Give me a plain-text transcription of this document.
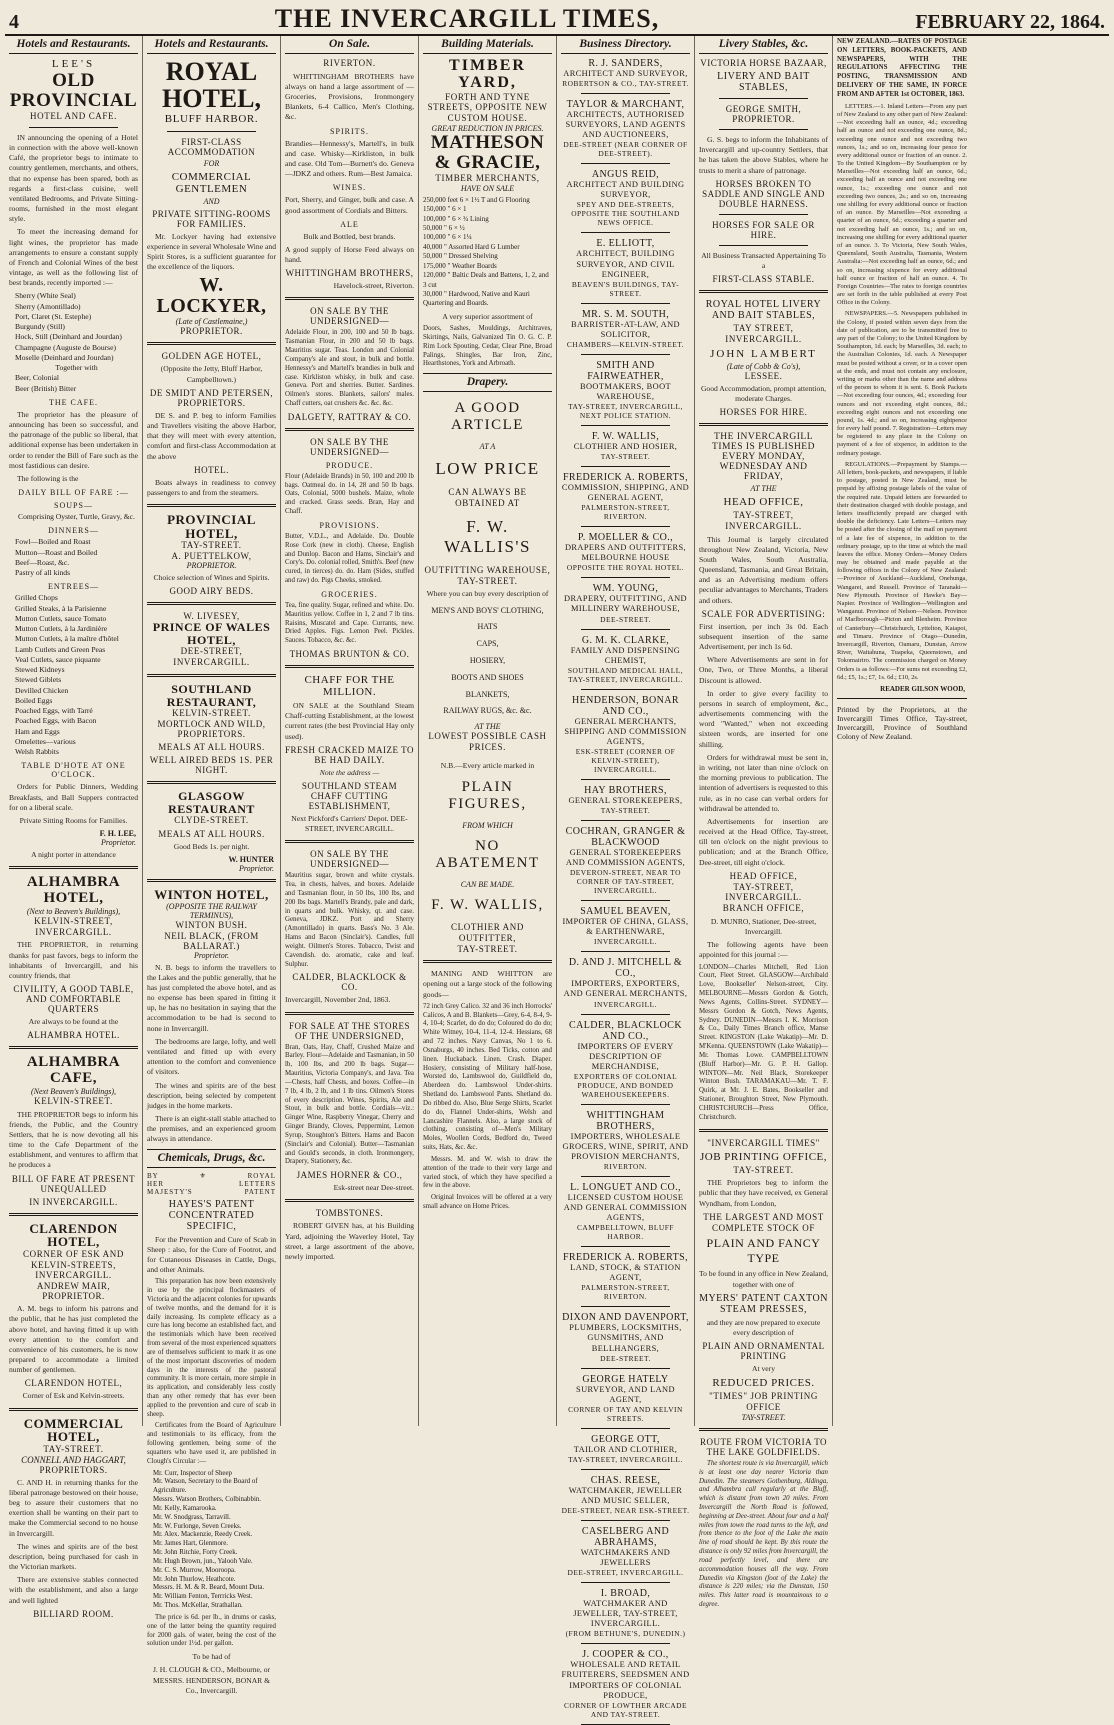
4	THE INVERCARGILL TIMES,	FEBRUARY 22, 1864.
Hotels and Restaurants.
LEE'S
OLD PROVINCIAL
HOTEL AND CAFE.
IN announcing the opening of a Hotel in connection with the above well-known Café, the proprietor begs to intimate to country gentlemen, merchants, and others, that no expense has been spared, both as regards a first-class cuisine, well ventilated Bedrooms, and Private Sitting-rooms, furnished in the most elegant style.
To meet the increasing demand for light wines, the proprietor has made arrangements to ensure a constant supply of French and Colonial Wines of the best vintage, as well as the following list of best brands, recently imported :—
Sherry (White Seal)
Sherry (Amontillado)
Port, Claret (St. Estephe)
Burgundy (Still)
Hock, Still (Deinhard and Jourdan)
Champagne (Auguste de Bourse)
Moselle (Deinhard and Jourdan)
Together with
Beer, Colonial
Beer (British) Bitter
THE CAFE.
The proprietor has the pleasure of announcing has been so successful, and the patronage of the public so liberal, that additional expense has been undertaken in order to render the Bill of Fare such as the most fastidious can desire.
The following is the
DAILY BILL OF FARE :—
SOUPS—
Comprising Oyster, Turtle, Gravy, &c.
DINNERS—
Fowl—Boiled and Roast
Mutton—Roast and Boiled
Beef—Roast, &c.
Pastry of all kinds
ENTREES—
Grilled Chops
Grilled Steaks, à la Parisienne
Mutton Cutlets, sauce Tomato
Mutton Cutlets, à la Jardinière
Mutton Cutlets, à la maître d'hôtel
Lamb Cutlets and Green Peas
Veal Cutlets, sauce piquante
Stewed Kidneys
Stewed Giblets
Devilled Chicken
Boiled Eggs
Poached Eggs, with Tarré
Poached Eggs, with Bacon
Ham and Eggs
Omelettes—various
Welsh Rabbits
TABLE D'HOTE AT ONE O'CLOCK.
Orders for Public Dinners, Wedding Breakfasts, and Ball Suppers contracted for on a liberal scale.
Private Sitting Rooms for Families.
F. H. LEE,
Proprietor.
A night porter in attendance
ALHAMBRA HOTEL,
(Next to Beaven's Buildings),
KELVIN-STREET, INVERCARGILL.
THE PROPRIETOR, in returning thanks for past favors, begs to inform the inhabitants of Invercargill, and his country friends, that
CIVILITY, A GOOD TABLE, AND COMFORTABLE QUARTERS
Are always to be found at the
ALHAMBRA HOTEL.
ALHAMBRA CAFE,
(Next Beaven's Buildings),
KELVIN-STREET.
THE PROPRIETOR begs to inform his friends, the Public, and the Country Settlers, that he is now devoting all his time to the Cafe Department of the establishment, and ventures to affirm that he produces a
BILL OF FARE AT PRESENT UNEQUALLED
IN INVERCARGILL.
CLARENDON HOTEL,
CORNER OF ESK AND KELVIN-STREETS, INVERCARGILL.
ANDREW MAIR, PROPRIETOR.
A. M. begs to inform his patrons and the public, that he has just completed the above hotel, and having fitted it up with every attention to the comfort and convenience of his customers, he is now prepared to accommodate a limited number of gentlemen.
CLARENDON HOTEL,
Corner of Esk and Kelvin-streets.
COMMERCIAL HOTEL,
TAY-STREET.
CONNELL AND HAGGART,
PROPRIETORS.
C. AND H. in returning thanks for the liberal patronage bestowed on their house, beg to assure their customers that no exertion shall be wanting on their part to make the Commercial second to no house in Invercargill.
The wines and spirits are of the best description, being purchased for cash in the Victorian markets.
There are extensive stables connected with the establishment, and also a large and well lighted
BILLIARD ROOM.
Hotels and Restaurants.
ROYAL HOTEL,
BLUFF HARBOR.
FIRST-CLASS ACCOMMODATION
FOR
COMMERCIAL GENTLEMEN
AND
PRIVATE SITTING-ROOMS FOR FAMILIES.
Mr. Lockyer having had extensive experience in several Wholesale Wine and Spirit Stores, is a sufficient guarantee for the excellence of the liquors.
W. LOCKYER,
(Late of Castlemaine,)
PROPRIETOR.
GOLDEN AGE HOTEL,
(Opposite the Jetty, Bluff Harbor, Campbelltown.)
DE SMIDT AND PETERSEN, PROPRIETORS.
DE S. and P. beg to inform Families and Travellers visiting the above Harbor, that they will meet with every attention, comfort and first-class Accommodation at the above
HOTEL.
Boats always in readiness to convey passengers to and from the steamers.
PROVINCIAL HOTEL,
TAY-STREET.
A. PUETTELKOW,
PROPRIETOR.
Choice selection of Wines and Spirits.
GOOD AIRY BEDS.
W. LIVESEY,
PRINCE OF WALES HOTEL,
DEE-STREET,
INVERCARGILL.
SOUTHLAND RESTAURANT,
KELVIN-STREET.
MORTLOCK AND WILD, PROPRIETORS.
MEALS AT ALL HOURS.
WELL AIRED BEDS 1S. PER NIGHT.
GLASGOW RESTAURANT
CLYDE-STREET.
MEALS AT ALL HOURS.
Good Beds 1s. per night.
W. HUNTER
Proprietor.
WINTON HOTEL,
(OPPOSITE THE RAILWAY TERMINUS),
WINTON BUSH.
NEIL BLACK, (FROM BALLARAT.)
Proprietor.
N. B. begs to inform the travellers to the Lakes and the public generally, that he has just completed the above hotel, and as no expense has been spared in fitting it up, he has no hesitation in saying that the accommodation to be had is second to none in Invercargill.
The bedrooms are large, lofty, and well ventilated and fitted up with every attention to the comfort and convenience of visitors.
The wines and spirits are of the best description, being selected by competent judges in the home markets.
There is an eight-stall stable attached to the premises, and an experienced groom always in attendance.
Chemicals, Drugs, &c.
BY	⚜	ROYAL
HER	LETTERS
MAJESTY'S	PATENT
HAYES'S PATENT CONCENTRATED SPECIFIC,
For the Prevention and Cure of Scab in Sheep : also, for the Cure of Footrot, and for Cutaneous Diseases in Cattle, Dogs, and other Animals.
This preparation has now been extensively in use by the principal flockmasters of Victoria and the adjacent colonies for upwards of twelve months, and the demand for it is daily increasing. Its complete efficacy as a cure has long become an established fact, and the testimonials which have been received from several of the most experienced squatters are of themselves sufficient to mark it as one of the most important discoveries of modern days in the interests of the pastoral community. It is more certain, more simple in its application, and considerably less costly than any other remedy that has ever been applied to the prevention and cure of scab in sheep.
Certificates from the Board of Agriculture and testimonials to its efficacy, from the following gentlemen, being some of the squatters who have used it, are published in Clough's Circular :—
Mr. Curr, Inspector of Sheep
Mr. Watson, Secretary to the Board of Agriculture.
Messrs. Watson Brothers, Colbinabbin.
Mr. Kelly, Kamarooka.
Mr. W. Snodgrass, Tarravill.
Mr. W. Furlonge, Seven Creeks.
Mr. Alex. Mackenzie, Reedy Creek.
Mr. James Hart, Glenmore.
Mr. John Ritchie, Forty Creek.
Mr. Hugh Brown, jun., Yalooh Vale.
Mr. C. S. Murrow, Mooroopa.
Mr. John Thurlow, Heathcote.
Messrs. H. M. & R. Beard, Mount Duta.
Mr. William Fenton, Terrricks West.
Mr. Thos. McKellar, Strathallan.
The price is 6d. per lb., in drums or casks, one of the latter being the quantity required for 2000 gals. of water, being the cost of the solution under 1½d. per gallon.
To be had of
J. H. CLOUGH & CO., Melbourne, or MESSRS. HENDERSON, BONAR & Co., Invercargill.
On Sale.
RIVERTON.
WHITTINGHAM BROTHERS have always on hand a large assortment of — Groceries, Provisions, Ironmongery Blankets, 6-4 Callico, Men's Clothing, &c.
SPIRITS.
Brandies—Hennessy's, Martell's, in bulk and case. Whisky—Kirkliston, in bulk and case. Old Tom—Burnett's do. Geneva—JDKZ and others. Rum—Best Jamaica.
WINES.
Port, Sherry, and Ginger, bulk and case. A good assortment of Cordials and Bitters.
ALE
Bulk and Bottled, best brands.
A good supply of Horse Feed always on hand.
WHITTINGHAM BROTHERS,
Havelock-street, Riverton.
ON SALE BY THE UNDERSIGNED—
Adelaide Flour, in 200, 100 and 50 lb bags. Tasmanian Flour, in 200 and 50 lb bags. Mauritius sugar. Teas. London and Colonial Company's ale and stout, in bulk and bottle. Hennessy's and Martell's brandies in bulk and case. Kirkliston whisky, in bulk and case. Geneva. Port and sherries. Butter. Sardines. Oilmen's stores. Blankets, sailors' males. Chaff cutters, oat crushers &c. &c. &c.
DALGETY, RATTRAY & CO.
ON SALE BY THE UNDERSIGNED—
PRODUCE.
Flour (Adelaide Brands) in 50, 100 and 200 lb bags. Oatmeal do. in 14, 28 and 50 lb bags. Oats, Colonial, 5000 bushels. Maize, whole and cracked. Grass seeds. Bran, Hay and Chaff.
PROVISIONS.
Butter, V.D.L., and Adelaide. Do. Double Rose Cork (new in cloth). Cheese, English and Dunlop. Bacon and Hams, Sinclair's and Cory's. Do. colonial rolled, Smith's. Beef (new cured, in tierces) do. do. Ham (Sides, stuffed and raw) do. Pigs Cheeks, smoked.
GROCERIES.
Tea, fine quality. Sugar, refined and white. Do. Mauritius yellow. Coffee in 1, 2 and 7 lb tins. Raisins, Muscatel and Cape. Currants, new. Dried Apples. Figs. Lemon Peel. Pickles. Sauces. Tobacco, &c. &c.
THOMAS BRUNTON & CO.
CHAFF FOR THE MILLION.
ON SALE at the Southland Steam Chaff-cutting Establishment, at the lowest current rates (the best Provincial Hay only used).
FRESH CRACKED MAIZE TO BE HAD DAILY.
Note the address —
SOUTHLAND STEAM CHAFF CUTTING ESTABLISHMENT,
Next Pickford's Carriers' Depot. DEE-STREET, INVERCARGILL.
ON SALE BY THE UNDERSIGNED—
Mauritius sugar, brown and white crystals. Tea, in chests, halves, and boxes. Adelaide and Tasmanian flour, in 50 lbs, 100 lbs, and 200 lbs bags. Martell's Brandy, pale and dark, in quarts and bulk. Whisky, qt. and case. Geneva, JDKZ. Port and Sherry (Amontillado) in quarts. Bass's No. 3 Ale. Hams and Bacon (Sinclair's). Candles, full weight. Oilmen's Stores. Tobacco, Twist and Cavendish. do. aromatic, cake and leaf. Sulphur.
CALDER, BLACKLOCK & CO.
Invercargill, November 2nd, 1863.
FOR SALE AT THE STORES OF THE UNDERSIGNED,
Bran, Oats, Hay, Chaff, Crushed Maize and Barley. Flour—Adelaide and Tasmanian, in 50 lb, 100 lbs, and 200 lb bags. Sugar—Mauritius, Victoria Company's, and Java. Tea—Chests, half Chests, and boxes. Coffee—in 7 lb, 4 lb, 2 lb, and 1 lb tins. Oilmen's Stores of every description. Wines, Spirits, Ale and Stout, in bulk and bottle. Cordials—viz.: Ginger Wine, Raspberry Vinegar, Cherry and Ginger Brandy, Cloves, Peppermint, Lemon Syrup, Stoughton's Bitters. Hams and Bacon (Sinclair's and Colonial). Butter—Tasmanian and Gould's seconds, in cloth. Ironmongery, Drapery, Stationery, &c.
JAMES HORNER & CO.,
Esk-street near Dee-street.
TOMBSTONES.
ROBERT GIVEN has, at his Building Yard, adjoining the Waverley Hotel, Tay street, a large assortment of the above, newly imported.
Building Materials.
TIMBER YARD,
FORTH AND TYNE STREETS, OPPOSITE NEW CUSTOM HOUSE.
GREAT REDUCTION IN PRICES.
MATHESON & GRACIE,
TIMBER MERCHANTS,
HAVE ON SALE
250,000 feet 6 × 1½ T and G Flooring
150,000 " 6 × 1
100,000 " 6 × ¾ Lining
50,000 " 6 × ½
100,000 " 6 × 1¼
40,000 " Assorted Hard G Lumber
50,000 " Dressed Shelving
175,000 " Weather Boards
120,000 " Baltic Deals and Battens, 1, 2, and 3 cut
30,000 " Hardwood, Native and Kauri Quartering and Boards.
A very superior assortment of
Doors, Sashes, Mouldings, Architraves, Skirtings, Nails, Galvanized Tin O. G. C. P. Rim Lock Spouting, Cedar, Clear Pine, Broad Palings, Shingles, Bar Iron, Zinc, Hearthstones, York and Arbroath.
Drapery.
A GOOD ARTICLE
AT A
LOW PRICE
CAN ALWAYS BE OBTAINED AT
F. W. WALLIS'S
OUTFITTING WAREHOUSE,
TAY-STREET.
Where you can buy every description of
MEN'S AND BOYS' CLOTHING,
HATS
CAPS,
HOSIERY,
BOOTS AND SHOES
BLANKETS,
RAILWAY RUGS, &c. &c.
AT THE
LOWEST POSSIBLE CASH PRICES.
N.B.—Every article marked in
PLAIN FIGURES,
FROM WHICH
NO ABATEMENT
CAN BE MADE.
F. W. WALLIS,
CLOTHIER AND OUTFITTER,
TAY-STREET.
MANING AND WHITTON are opening out a large stock of the following goods—
72 inch Grey Calico. 32 and 36 inch Horrocks' Calicos, A and B. Blankets—Grey, 6-4, 8-4, 9-4, 10-4; Scarlet, do do do; Coloured do do do; White Witney, 10-4, 11-4, 12-4. Hessians, 68 and 72 inches. Navy Canvas, No 1 to 6. Osnaburgs, 40 inches. Bed Ticks, cotton and linen. Huckaback. Linen. Crash. Diaper. Hosiery, consisting of Military half-hose, Worsted do, Lambswool do, Guildfield do, Aberdeen do. Lambswool Under-shirts. Shetland do. Lambswool Pants. Shetland do. Do ribbed do. Also, Blue Serge Shirts, Scarlet do do, Flannel Under-shirts, Welsh and Lancashire Flannels. Also, a large stock of clothing, consisting of—Men's Military Moles, Woollen Cords, Bedford do, Tweed suits, Hats, &c. &c.
Messrs. M. and W. wish to draw the attention of the trade to their very large and varied stock, of which they have specified a few in the above.
Original Invoices will be offered at a very small advance on Home Prices.
Business Directory.
R. J. SANDERS,
ARCHITECT AND SURVEYOR,
ROBERTSON & CO., TAY-STREET.
TAYLOR & MARCHANT,
ARCHITECTS, AUTHORISED SURVEYORS, LAND AGENTS AND AUCTIONEERS,
DEE-STREET (NEAR CORNER OF DEE-STREET).
ANGUS REID,
ARCHITECT AND BUILDING SURVEYOR,
SPEY AND DEE-STREETS, OPPOSITE THE SOUTHLAND NEWS OFFICE.
E. ELLIOTT,
ARCHITECT, BUILDING SURVEYOR, AND CIVIL ENGINEER,
BEAVEN'S BUILDINGS, TAY-STREET.
MR. S. M. SOUTH,
BARRISTER-AT-LAW, AND SOLICITOR,
CHAMBERS—KELVIN-STREET.
SMITH AND FAIRWEATHER,
BOOTMAKERS, BOOT WAREHOUSE,
TAY-STREET, INVERCARGILL, NEXT POLICE STATION.
F. W. WALLIS,
CLOTHIER AND HOSIER,
TAY-STREET.
FREDERICK A. ROBERTS,
COMMISSION, SHIPPING, AND GENERAL AGENT,
PALMERSTON-STREET, RIVERTON.
P. MOELLER & CO.,
DRAPERS AND OUTFITTERS, MELBOURNE HOUSE
OPPOSITE THE ROYAL HOTEL.
WM. YOUNG,
DRAPERY, OUTFITTING, AND MILLINERY WAREHOUSE,
DEE-STREET.
G. M. K. CLARKE,
FAMILY AND DISPENSING CHEMIST,
SOUTHLAND MEDICAL HALL, TAY-STREET, INVERCARGILL.
HENDERSON, BONAR AND CO.,
GENERAL MERCHANTS, SHIPPING AND COMMISSION AGENTS,
ESK-STREET (CORNER OF KELVIN-STREET), INVERCARGILL.
HAY BROTHERS,
GENERAL STOREKEEPERS,
TAY-STREET.
COCHRAN, GRANGER & BLACKWOOD
GENERAL STOREKEEPERS AND COMMISSION AGENTS,
DEVERON-STREET, NEAR TO CORNER OF TAY-STREET, INVERCARGILL.
SAMUEL BEAVEN,
IMPORTER OF CHINA, GLASS, & EARTHENWARE,
INVERCARGILL.
D. AND J. MITCHELL & CO.,
IMPORTERS, EXPORTERS, AND GENERAL MERCHANTS,
INVERCARGILL.
CALDER, BLACKLOCK AND CO.,
IMPORTERS OF EVERY DESCRIPTION OF MERCHANDISE,
EXPORTERS OF COLONIAL PRODUCE, AND BONDED WAREHOUSEKEEPERS.
WHITTINGHAM BROTHERS,
IMPORTERS, WHOLESALE GROCERS, WINE, SPIRIT, AND PROVISION MERCHANTS,
RIVERTON.
L. LONGUET AND CO.,
LICENSED CUSTOM HOUSE AND GENERAL COMMISSION AGENTS,
CAMPBELLTOWN, BLUFF HARBOR.
FREDERICK A. ROBERTS,
LAND, STOCK, & STATION AGENT,
PALMERSTON-STREET, RIVERTON.
DIXON AND DAVENPORT,
PLUMBERS, LOCKSMITHS, GUNSMITHS, AND BELLHANGERS,
DEE-STREET.
GEORGE HATELY
SURVEYOR, AND LAND AGENT,
CORNER OF TAY AND KELVIN STREETS.
GEORGE OTT,
TAILOR AND CLOTHIER,
TAY-STREET, INVERCARGILL.
CHAS. REESE,
WATCHMAKER, JEWELLER AND MUSIC SELLER,
DEE-STREET, NEAR ESK-STREET.
CASELBERG AND ABRAHAMS,
WATCHMAKERS AND JEWELLERS
DEE-STREET, INVERCARGILL.
I. BROAD,
WATCHMAKER AND JEWELLER, TAY-STREET, INVERCARGILL.
(FROM BETHUNE'S, DUNEDIN.)
J. COOPER & CO.,
WHOLESALE AND RETAIL FRUITERERS, SEEDSMEN AND IMPORTERS OF COLONIAL PRODUCE,
CORNER OF LOWTHER ARCADE AND TAY-STREET.
Livery Stables, &c.
VICTORIA HORSE BAZAAR,
LIVERY AND BAIT STABLES,
GEORGE SMITH, PROPRIETOR.
G. S. begs to inform the Inhabitants of Invercargill and up-country Settlers, that he has taken the above Stables, where he trusts to merit a share of patronage.
HORSES BROKEN TO SADDLE AND SINGLE AND DOUBLE HARNESS.
HORSES FOR SALE OR HIRE.
All Business Transacted Appertaining To a
FIRST-CLASS STABLE.
ROYAL HOTEL LIVERY AND BAIT STABLES,
TAY STREET, INVERCARGILL.
JOHN LAMBERT
(Late of Cobb & Co's),
LESSEE.
Good Accommodation, prompt attention, moderate Charges.
HORSES FOR HIRE.
THE INVERCARGILL TIMES IS PUBLISHED EVERY MONDAY, WEDNESDAY AND FRIDAY,
AT THE
HEAD OFFICE,
TAY-STREET, INVERCARGILL.
This Journal is largely circulated throughout New Zealand, Victoria, New South Wales, South Australia, Queensland, Tasmania, and Great Britain, and as an Advertising medium offers peculiar advantages to Merchants, Traders and others.
SCALE FOR ADVERTISING:
First insertion, per inch 3s 0d. Each subsequent insertion of the same Advertisement, per inch 1s 6d.
Where Advertisements are sent in for One, Two, or Three Months, a liberal Discount is allowed.
In order to give every facility to persons in search of employment, &c., advertisements commencing with the word "Wanted," when not exceeding sixteen words, are inserted for one shilling.
Orders for withdrawal must be sent in, in writing, not later than nine o'clock on the morning previous to publication. The intention of advertisers is requested to this rule, as in no case can verbal orders for withdrawal be attended to.
Advertisements for insertion are received at the Head Office, Tay-street, till ten o'clock on the night previous to publication; and at the Branch Office, Dee-street, till eight o'clock.
HEAD OFFICE,
TAY-STREET, INVERCARGILL.
BRANCH OFFICE,
D. MUNRO, Stationer, Dee-street, Invercargill.
The following agents have been appointed for this journal :—
LONDON—Charles Mitchell, Red Lion Court, Fleet Street. GLASGOW—Archibald Love, Bookseller' Nelson-street, City. MELBOURNE—Messrs Gordon & Gotch, News Agents, Collins-Street. SYDNEY—Messrs Gordon & Gotch, News Agents, Sydney. DUNEDIN—Messrs I. K. Morrison & Co., Daily Times Branch office, Manse Street. KINGSTON (Lake Wakatip)—Mr. D. M'Kenna. QUEENSTOWN (Lake Wakatip)—Mr. Thomas Lowe. CAMPBELLTOWN (Bluff Harbor)—Mr. G. P. H. Gallop. WINTON—Mr. Neil Black, Storekeeper Winton Bush. TARAMAKAU—Mr. T. F. Quirk, at Mr. J. E. Bates, Bookseller and Stationer, Broughton Street, New Plymouth. CHRISTCHURCH—Press Office, Christchurch.
"INVERCARGILL TIMES"
JOB PRINTING OFFICE,
TAY-STREET.
THE Proprietors beg to inform the public that they have received, ex General Wyndham, from London,
THE LARGEST AND MOST COMPLETE STOCK OF
PLAIN AND FANCY TYPE
To be found in any office in New Zealand, together with one of
MYERS' PATENT CAXTON STEAM PRESSES,
and they are now prepared to execute every description of
PLAIN AND ORNAMENTAL PRINTING
At very
REDUCED PRICES.
"TIMES" JOB PRINTING OFFICE
TAY-STREET.
ROUTE FROM VICTORIA TO THE LAKE GOLDFIELDS.
The shortest route is via Invercargill, which is at least one day nearer Victoria than Dunedin. The steamers Gothenburg, Aldinga, and Alhambra call regularly at the Bluff, which is distant from town 20 miles. From Invercargill the North Road is followed, beginning at Dee-street. About four and a half miles from town the road turns to the left, and from thence to the foot of the Lake the main line of road should be kept. By this route the distance is only 92 miles from Invercargill, the road perfectly level, and there are accommodation houses all the way. From Dunedin via Kingston (foot of the Lake) the distance is 220 miles; via the Dunstan, 150 miles. This latter road is mountainous to a degree.
NEW ZEALAND.—RATES OF POSTAGE ON LETTERS, BOOK-PACKETS, AND NEWSPAPERS, WITH THE REGULATIONS AFFECTING THE POSTING, TRANSMISSION AND DELIVERY OF THE SAME, IN FORCE FROM AND AFTER 1st OCTOBER, 1863.
LETTERS.—1. Inland Letters—From any part of New Zealand to any other part of New Zealand:—Not exceeding half an ounce, 4d.; exceeding half an ounce and not exceeding one ounce, 8d.; exceeding one ounce and not exceeding two ounces, 1s.; and so on, increasing four pence for every additional ounce or fraction of an ounce. 2. To the United Kingdom—By Southampton or by Marseilles—Not exceeding half an ounce, 6d.; exceeding half an ounce and not exceeding one ounce, 1s.; exceeding one ounce and not exceeding two ounces, 2s.; and so on, increasing one shilling for every additional ounce or fraction of an ounce. By Marseilles—Not exceeding a quarter of an ounce, 6d.; exceeding a quarter and not exceeding half an ounce, 1s.; and so on, increasing one shilling for every additional quarter of an ounce. 3. To Victoria, New South Wales, Queensland, South Australia, Tasmania, Western Australia:—Not exceeding half an ounce, 6d.; and so on, increasing sixpence for every additional half ounce or fraction of half an ounce. 4. To Foreign Countries—The rates to foreign countries are set forth in the table published at every Post Office in the Colony.
NEWSPAPERS.—5. Newspapers published in the Colony, if posted within seven days from the date of publication, are to be transmitted free to any part of the Colony; to the United Kingdom by Southampton, 1d. each; by Marseilles, 3d. each; to the Australian Colonies, 1d. each. A Newspaper must be posted without a cover, or in a cover open at the ends, and must not contain any enclosure, writing or marks other than the name and address of the person to whom it is sent. 6. Book Packets—Not exceeding four ounces, 4d.; exceeding four ounces and not exceeding eight ounces, 8d.; exceeding eight ounces and not exceeding one pound, 1s. 4d.; and so on, increasing eightpence for every half pound. 7. Registration—Letters may be registered to any place in the Colony on payment of a fee of sixpence, in addition to the ordinary postage.
REGULATIONS.—Prepayment by Stamps.—All letters, book-packets, and newspapers, if liable to postage, posted in New Zealand, must be prepaid by affixing postage labels of the value of the required rate. Unpaid letters are forwarded to their destination charged with double postage, and letters insufficiently prepaid are charged with double the deficiency. Late Letters—Letters may be posted after the closing of the mail on payment of a late fee of sixpence, in addition to the ordinary postage, up to the time at which the mail leaves the office. Money Orders—Money Orders may be obtained and made payable at the following offices in the Colony of New Zealand:—Province of Auckland—Auckland, Onehunga, Wangarei, and Russell. Province of Taranaki—New Plymouth. Province of Hawke's Bay—Napier. Province of Wellington—Wellington and Wanganui. Province of Nelson—Nelson. Province of Marlborough—Picton and Blenheim. Province of Canterbury—Christchurch, Lyttelton, Kaiapoi, and Timaru. Province of Otago—Dunedin, Invercargill, Riverton, Oamaru, Dunstan, Arrow River, Waitahuna, Tuapeka, Queenstown, and Tokomairiro. The commission charged on Money Orders is as follows:—For sums not exceeding £2, 6d.; £5, 1s.; £7, 1s. 6d.; £10, 2s.
READER GILSON WOOD,
Printed by the Proprietors, at the Invercargill Times Office, Tay-street, Invercargill, Province of Southland Colony of New Zealand.
